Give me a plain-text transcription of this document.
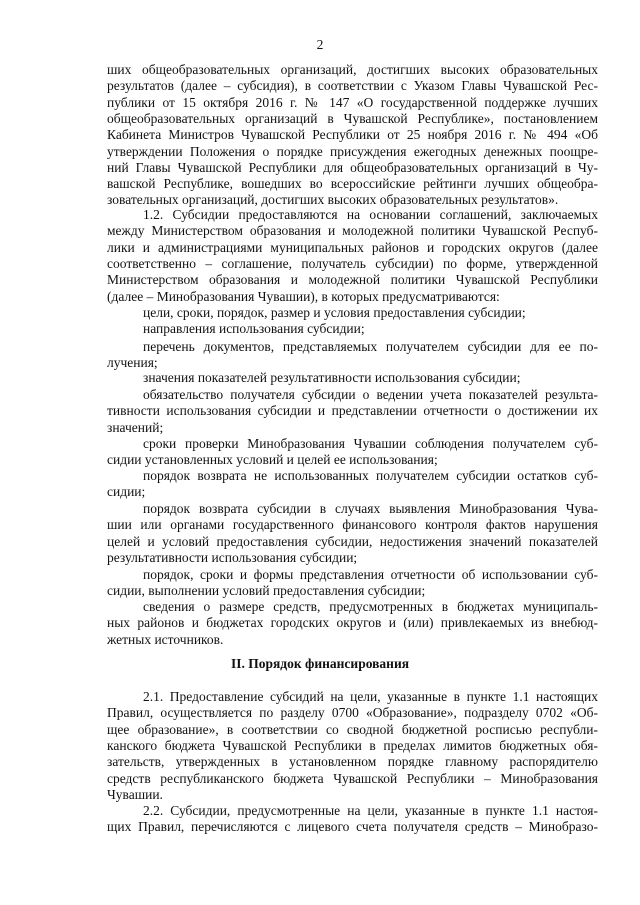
2
ших общеобразовательных организаций, достигших высоких образовательных
результатов (далее – субсидия), в соответствии с Указом Главы Чувашской Рес-
публики от 15 октября 2016 г. № 147 «О государственной поддержке лучших
общеобразовательных организаций в Чувашской Республике», постановлением
Кабинета Министров Чувашской Республики от 25 ноября 2016 г. № 494 «Об
утверждении Положения о порядке присуждения ежегодных денежных поощре-
ний Главы Чувашской Республики для общеобразовательных организаций в Чу-
вашской Республике, вошедших во всероссийские рейтинги лучших общеобра-
зовательных организаций, достигших высоких образовательных результатов».
1.2. Субсидии предоставляются на основании соглашений, заключаемых
между Министерством образования и молодежной политики Чувашской Респуб-
лики и администрациями муниципальных районов и городских округов (далее
соответственно – соглашение, получатель субсидии) по форме, утвержденной
Министерством образования и молодежной политики Чувашской Республики
(далее – Минобразования Чувашии), в которых предусматриваются:
цели, сроки, порядок, размер и условия предоставления субсидии;
направления использования субсидии;
перечень документов, представляемых получателем субсидии для ее по-
лучения;
значения показателей результативности использования субсидии;
обязательство получателя субсидии о ведении учета показателей результа-
тивности использования субсидии и представлении отчетности о достижении их
значений;
сроки проверки Минобразования Чувашии соблюдения получателем суб-
сидии установленных условий и целей ее использования;
порядок возврата не использованных получателем субсидии остатков суб-
сидии;
порядок возврата субсидии в случаях выявления Минобразования Чува-
шии или органами государственного финансового контроля фактов нарушения
целей и условий предоставления субсидии, недостижения значений показателей
результативности использования субсидии;
порядок, сроки и формы представления отчетности об использовании суб-
сидии, выполнении условий предоставления субсидии;
сведения о размере средств, предусмотренных в бюджетах муниципаль-
ных районов и бюджетах городских округов и (или) привлекаемых из внебюд-
жетных источников.
2.1. Предоставление субсидий на цели, указанные в пункте 1.1 настоящих
Правил, осуществляется по разделу 0700 «Образование», подразделу 0702 «Об-
щее образование», в соответствии со сводной бюджетной росписью республи-
канского бюджета Чувашской Республики в пределах лимитов бюджетных обя-
зательств, утвержденных в установленном порядке главному распорядителю
средств республиканского бюджета Чувашской Республики – Минобразования
Чувашии.
2.2. Субсидии, предусмотренные на цели, указанные в пункте 1.1 настоя-
щих Правил, перечисляются с лицевого счета получателя средств – Минобразо-
II. Порядок финансирования
